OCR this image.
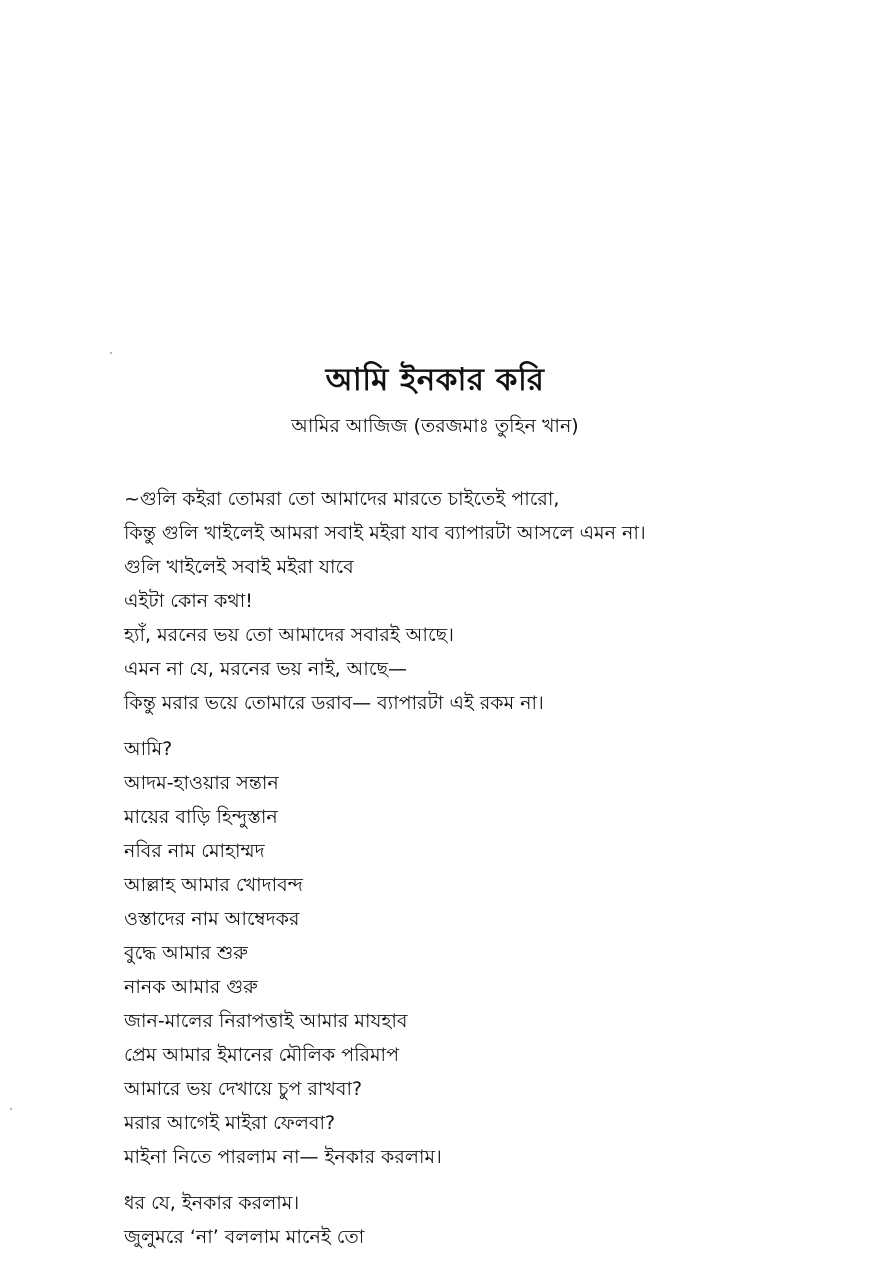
আমি ইনকার করি
আমির আজিজ (তরজমাঃ তুহিন খান)
~গুলি কইরা তোমরা তো আমাদের মারতে চাইতেই পারো,
কিন্তু গুলি খাইলেই আমরা সবাই মইরা যাব ব্যাপারটা আসলে এমন না।
গুলি খাইলেই সবাই মইরা যাবে
এইটা কোন কথা!
হ্যাঁ, মরনের ভয় তো আমাদের সবারই আছে।
এমন না যে, মরনের ভয় নাই, আছে—
কিন্তু মরার ভয়ে তোমারে ডরাব— ব্যাপারটা এই রকম না।
আমি?
আদম-হাওয়ার সন্তান
মায়ের বাড়ি হিন্দুস্তান
নবির নাম মোহাম্মদ
আল্লাহ আমার খোদাবন্দ
ওস্তাদের নাম আম্বেদকর
বুদ্ধে আমার শুরু
নানক আমার গুরু
জান-মালের নিরাপত্তাই আমার মাযহাব
প্রেম আমার ইমানের মৌলিক পরিমাপ
আমারে ভয় দেখায়ে চুপ রাখবা?
মরার আগেই মাইরা ফেলবা?
মাইনা নিতে পারলাম না— ইনকার করলাম।
ধর যে, ইনকার করলাম।
জুলুমরে ‘না’ বললাম মানেই তো
